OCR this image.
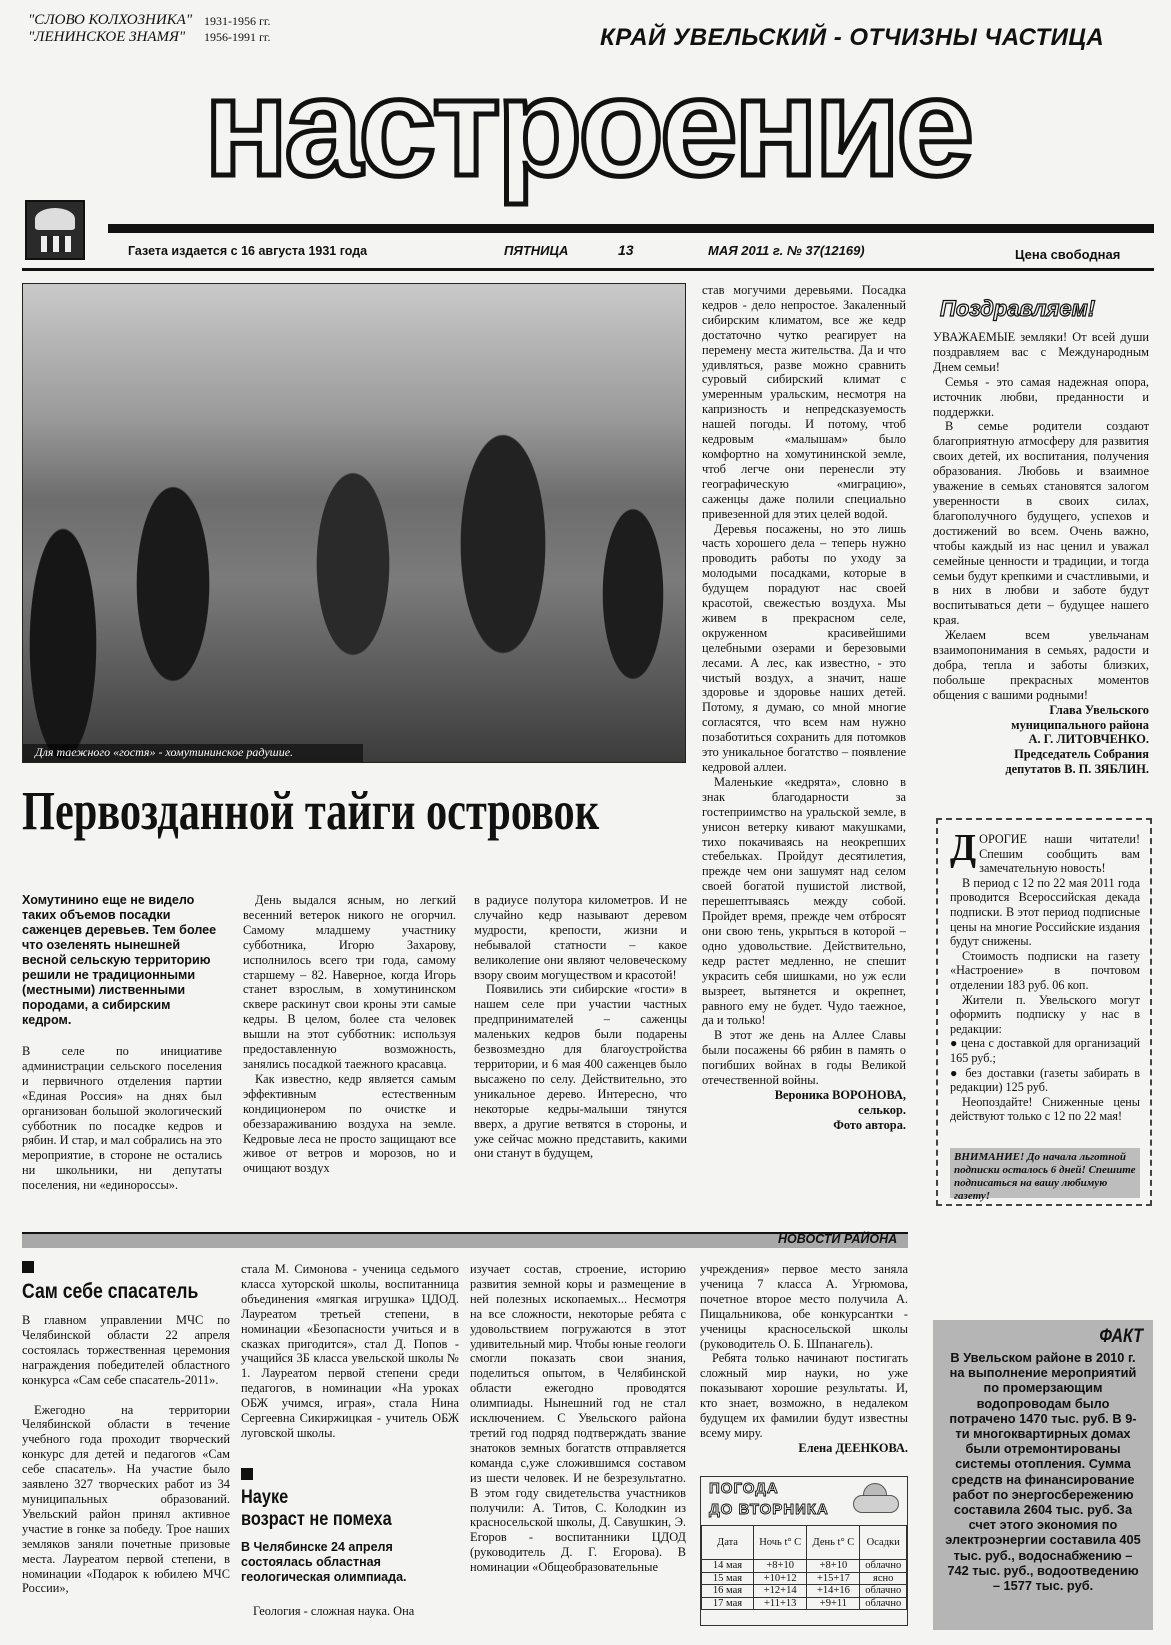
"СЛОВО КОЛХОЗНИКА" 1931-1956 гг.
"ЛЕНИНСКОЕ ЗНАМЯ" 1956-1991 гг.	КРАЙ УВЕЛЬСКИЙ - ОТЧИЗНЫ ЧАСТИЦА
настроение
Газета издается с 16 августа 1931 года	ПЯТНИЦА	13	МАЯ 2011 г. № 37(12169)	Цена свободная
Для таежного «гостя» - хомутининское радушие.
Первозданной тайги островок

Хомутинино еще не видело таких объемов посадки саженцев деревьев. Тем более что озеленять нынешней весной сельскую территорию решили не традиционными (местными) лиственными породами, а сибирским кедром.

В селе по инициативе администрации сельского поселения и первичного отделения партии «Единая Россия» на днях был организован большой экологический субботник по посадке кедров и рябин. И стар, и мал собрались на это мероприятие, в стороне не остались ни школьники, ни депутаты поселения, ни «единороссы».

День выдался ясным, но легкий весенний ветерок никого не огорчил. Самому младшему участнику субботника, Игорю Захарову, исполнилось всего три года, самому старшему – 82. Наверное, когда Игорь станет взрослым, в хомутининском сквере раскинут свои кроны эти самые кедры. В целом, более ста человек вышли на этот субботник: используя предоставленную возможность, занялись посадкой таежного красавца.

Как известно, кедр является самым эффективным естественным кондиционером по очистке и обеззараживанию воздуха на земле. Кедровые леса не просто защищают все живое от ветров и морозов, но и очищают воздух

в радиусе полутора километров. И не случайно кедр называют деревом мудрости, крепости, жизни и небывалой статности – какое великолепие они являют человеческому взору своим могуществом и красотой!

Появились эти сибирские «гости» в нашем селе при участии частных предпринимателей – саженцы маленьких кедров были подарены безвозмездно для благоустройства территории, и 6 мая 400 саженцев было высажено по селу. Действительно, это уникальное дерево. Интересно, что некоторые кедры-малыши тянутся вверх, а другие ветвятся в стороны, и уже сейчас можно представить, какими они станут в будущем,

став могучими деревьями. Посадка кедров - дело непростое. Закаленный сибирским климатом, все же кедр достаточно чутко реагирует на перемену места жительства. Да и что удивляться, разве можно сравнить суровый сибирский климат с умеренным уральским, несмотря на капризность и непредсказуемость нашей погоды. И потому, чтоб кедровым «малышам» было комфортно на хомутининской земле, чтоб легче они перенесли эту географическую «миграцию», саженцы даже полили специально привезенной для этих целей водой.

Деревья посажены, но это лишь часть хорошего дела – теперь нужно проводить работы по уходу за молодыми посадками, которые в будущем порадуют нас своей красотой, свежестью воздуха. Мы живем в прекрасном селе, окруженном красивейшими целебными озерами и березовыми лесами. А лес, как известно, - это чистый воздух, а значит, наше здоровье и здоровье наших детей. Потому, я думаю, со мной многие согласятся, что всем нам нужно позаботиться сохранить для потомков это уникальное богатство – появление кедровой аллеи.

Маленькие «кедрята», словно в знак благодарности за гостеприимство на уральской земле, в унисон ветерку кивают макушками, тихо покачиваясь на неокрепших стебельках. Пройдут десятилетия, прежде чем они зашумят над селом своей богатой пушистой листвой, перешептываясь между собой. Пройдет время, прежде чем отбросят они свою тень, укрыться в которой – одно удовольствие. Действительно, кедр растет медленно, не спешит украсить себя шишками, но уж если вызреет, вытянется и окрепнет, равного ему не будет. Чудо таежное, да и только!

В этот же день на Аллее Славы были посажены 66 рябин в память о погибших войнах в годы Великой отечественной войны.

Вероника ВОРОНОВА,

селькор.

Фото автора.

Поздравляем!

УВАЖАЕМЫЕ земляки! От всей души поздравляем вас с Международным Днем семьи!

Семья - это самая надежная опора, источник любви, преданности и поддержки.

В семье родители создают благоприятную атмосферу для развития своих детей, их воспитания, получения образования. Любовь и взаимное уважение в семьях становятся залогом уверенности в своих силах, благополучного будущего, успехов и достижений во всем. Очень важно, чтобы каждый из нас ценил и уважал семейные ценности и традиции, и тогда семьи будут крепкими и счастливыми, и в них в любви и заботе будут воспитываться дети – будущее нашего края.

Желаем всем увельчанам взаимопонимания в семьях, радости и добра, тепла и заботы близких, побольше прекрасных моментов общения с вашими родными!

Глава Увельского

муниципального района

А. Г. ЛИТОВЧЕНКО.

Председатель Собрания

депутатов В. П. ЗЯБЛИН.

ДОРОГИЕ наши читатели! Спешим сообщить вам замечательную новость!

В период с 12 по 22 мая 2011 года проводится Всероссийская декада подписки. В этот период подписные цены на многие Российские издания будут снижены.

Стоимость подписки на газету «Настроение» в почтовом отделении 183 руб. 06 коп.

Жители п. Увельского могут оформить подписку у нас в редакции:

● цена с доставкой для организаций 165 руб.;

● без доставки (газеты забирать в редакции) 125 руб.

Неопоздайте! Сниженные цены действуют только с 12 по 22 мая!

ВНИМАНИЕ! До начала льготной подписки осталось 6 дней! Спешите подписаться на вашу любимую газету!
НОВОСТИ РАЙОНА
Сам себе спасатель

В главном управлении МЧС по Челябинской области 22 апреля состоялась торжественная церемония награждения победителей областного конкурса «Сам себе спасатель-2011».

Ежегодно на территории Челябинской области в течение учебного года проходит творческий конкурс для детей и педагогов «Сам себе спасатель». На участие было заявлено 327 творческих работ из 34 муниципальных образований. Увельский район принял активное участие в гонке за победу. Трое наших земляков заняли почетные призовые места. Лауреатом первой степени, в номинации «Подарок к юбилею МЧС России»,

стала М. Симонова - ученица седьмого класса хуторской школы, воспитанница объединения «мягкая игрушка» ЦДОД. Лауреатом третьей степени, в номинации «Безопасности учиться и в сказках пригодится», стал Д. Попов - учащийся 3Б класса увельской школы № 1. Лауреатом первой степени среди педагогов, в номинации «На уроках ОБЖ учимся, играя», стала Нина Сергеевна Сикиржицкая - учитель ОБЖ луговской школы.

Науке
возраст не помеха
В Челябинске 24 апреля состоялась областная геологическая олимпиада.

Геология - сложная наука. Она

изучает состав, строение, историю развития земной коры и размещение в ней полезных ископаемых... Несмотря на все сложности, некоторые ребята с удовольствием погружаются в этот удивительный мир. Чтобы юные геологи смогли показать свои знания, поделиться опытом, в Челябинской области ежегодно проводятся олимпиады. Нынешний год не стал исключением. С Увельского района третий год подряд подтверждать звание знатоков земных богатств отправляется команда с,уже сложившимся составом из шести человек. И не безрезультатно. В этом году свидетельства участников получили: А. Титов, С. Колодкин из красносельской школы, Д. Савушкин, Э. Егоров - воспитанники ЦДОД (руководитель Д. Г. Егорова). В номинации «Общеобразовательные

учреждения» первое место заняла ученица 7 класса А. Угрюмова, почетное второе место получила А. Пищальникова, обе конкурсантки - ученицы красносельской школы (руководитель О. Б. Шпанагель).

Ребята только начинают постигать сложный мир науки, но уже показывают хорошие результаты. И, кто знает, возможно, в недалеком будущем их фамилии будут известны всему миру.

Елена ДЕЕНКОВА.

ПОГОДА
ДО ВТОРНИКА
Дата	Ночь t° С	День t° С	Осадки
14 мая	+8+10	+8+10	облачно
15 мая	+10+12	+15+17	ясно
16 мая	+12+14	+14+16	облачно
17 мая	+11+13	+9+11	облачно
ФАКТ
В Увельском районе в 2010 г. на выполнение мероприятий по промерзающим водопроводам было потрачено 1470 тыс. руб. В 9-ти многоквартирных домах были отремонтированы системы отопления. Сумма средств на финансирование работ по энергосбережению составила 2604 тыс. руб. За счет этого экономия по электроэнергии составила 405 тыс. руб., водоснабжению – 742 тыс. руб., водоотведению – 1577 тыс. руб.
